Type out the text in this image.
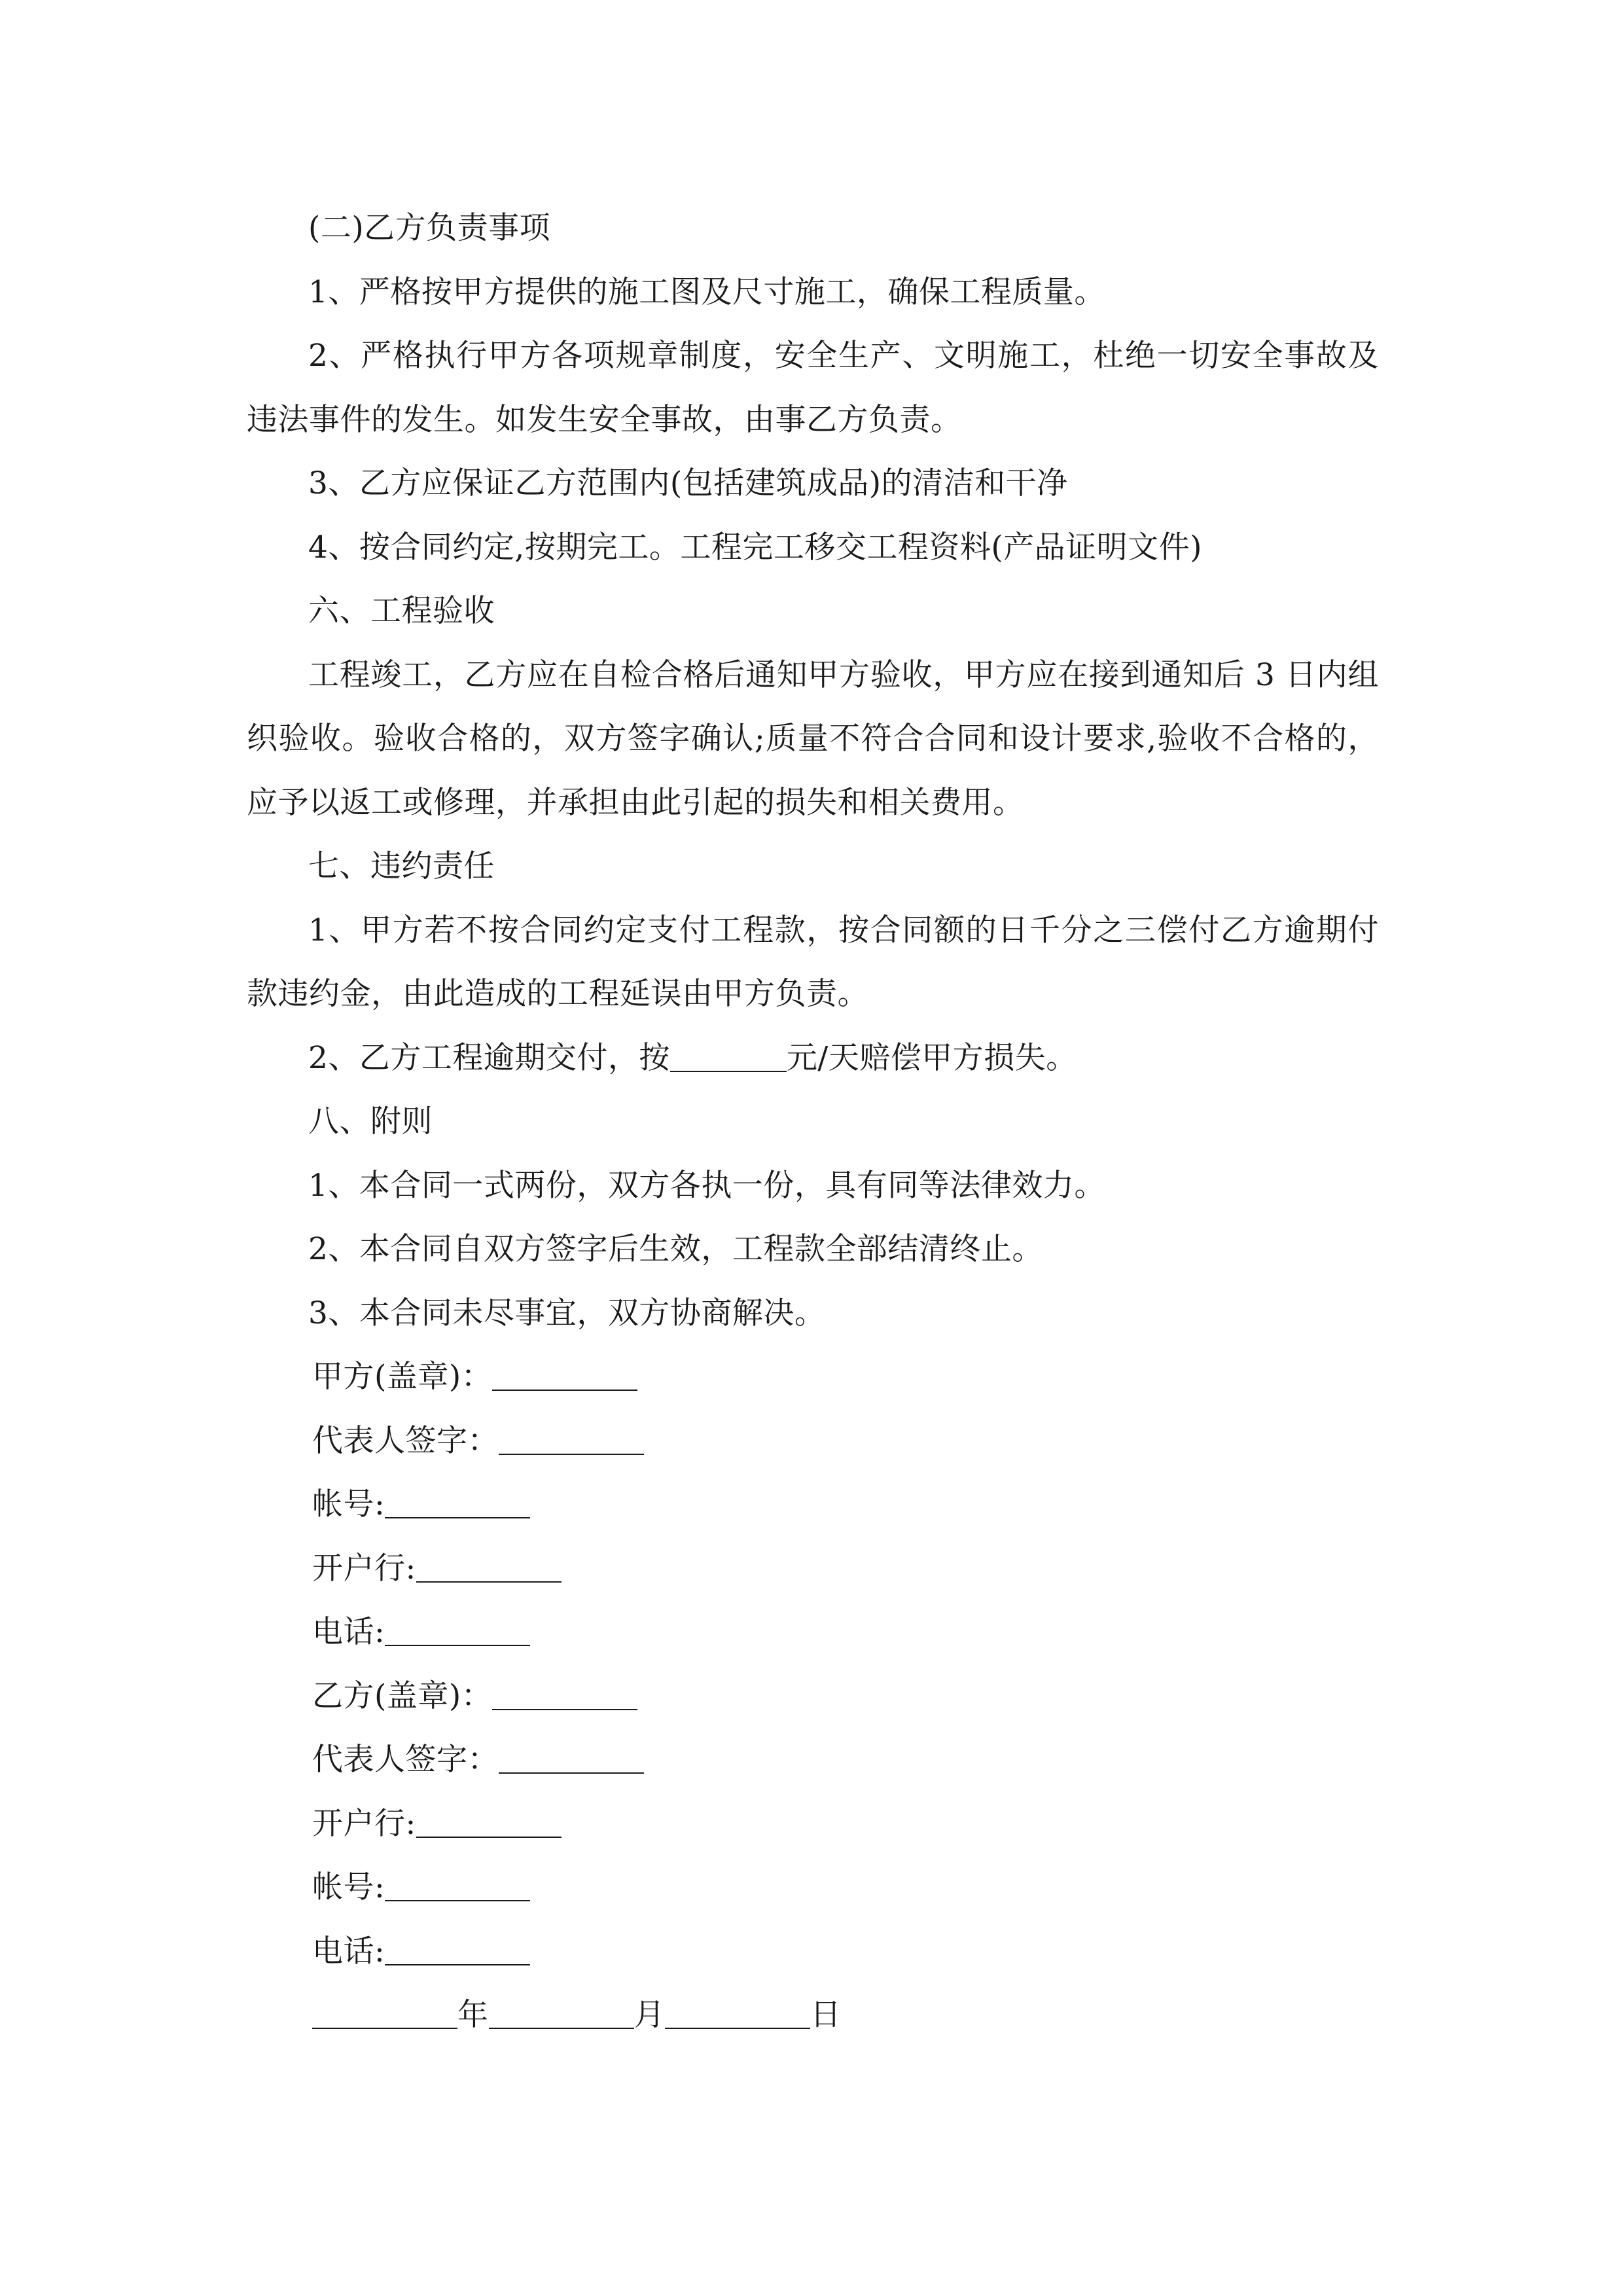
(二)乙方负责事项

1、严格按甲方提供的施工图及尺寸施工，确保工程质量。

2、严格执行甲方各项规章制度，安全生产、文明施工，杜绝一切安全事故及违法事件的发生。如发生安全事故，由事乙方负责。

3、乙方应保证乙方范围内(包括建筑成品)的清洁和干净

4、按合同约定,按期完工。工程完工移交工程资料(产品证明文件)

六、工程验收

工程竣工，乙方应在自检合格后通知甲方验收，甲方应在接到通知后 3 日内组织验收。验收合格的，双方签字确认;质量不符合合同和设计要求,验收不合格的，应予以返工或修理，并承担由此引起的损失和相关费用。

七、违约责任

1、甲方若不按合同约定支付工程款，按合同额的日千分之三偿付乙方逾期付款违约金，由此造成的工程延误由甲方负责。

2、乙方工程逾期交付，按	元/天赔偿甲方损失。

八、附则

1、本合同一式两份，双方各执一份，具有同等法律效力。

2、本合同自双方签字后生效，工程款全部结清终止。

3、本合同未尽事宜，双方协商解决。

甲方(盖章)：

代表人签字：

帐号:

开户行:

电话:

乙方(盖章)：

代表人签字：

开户行:

帐号:

电话:

年	月	日
